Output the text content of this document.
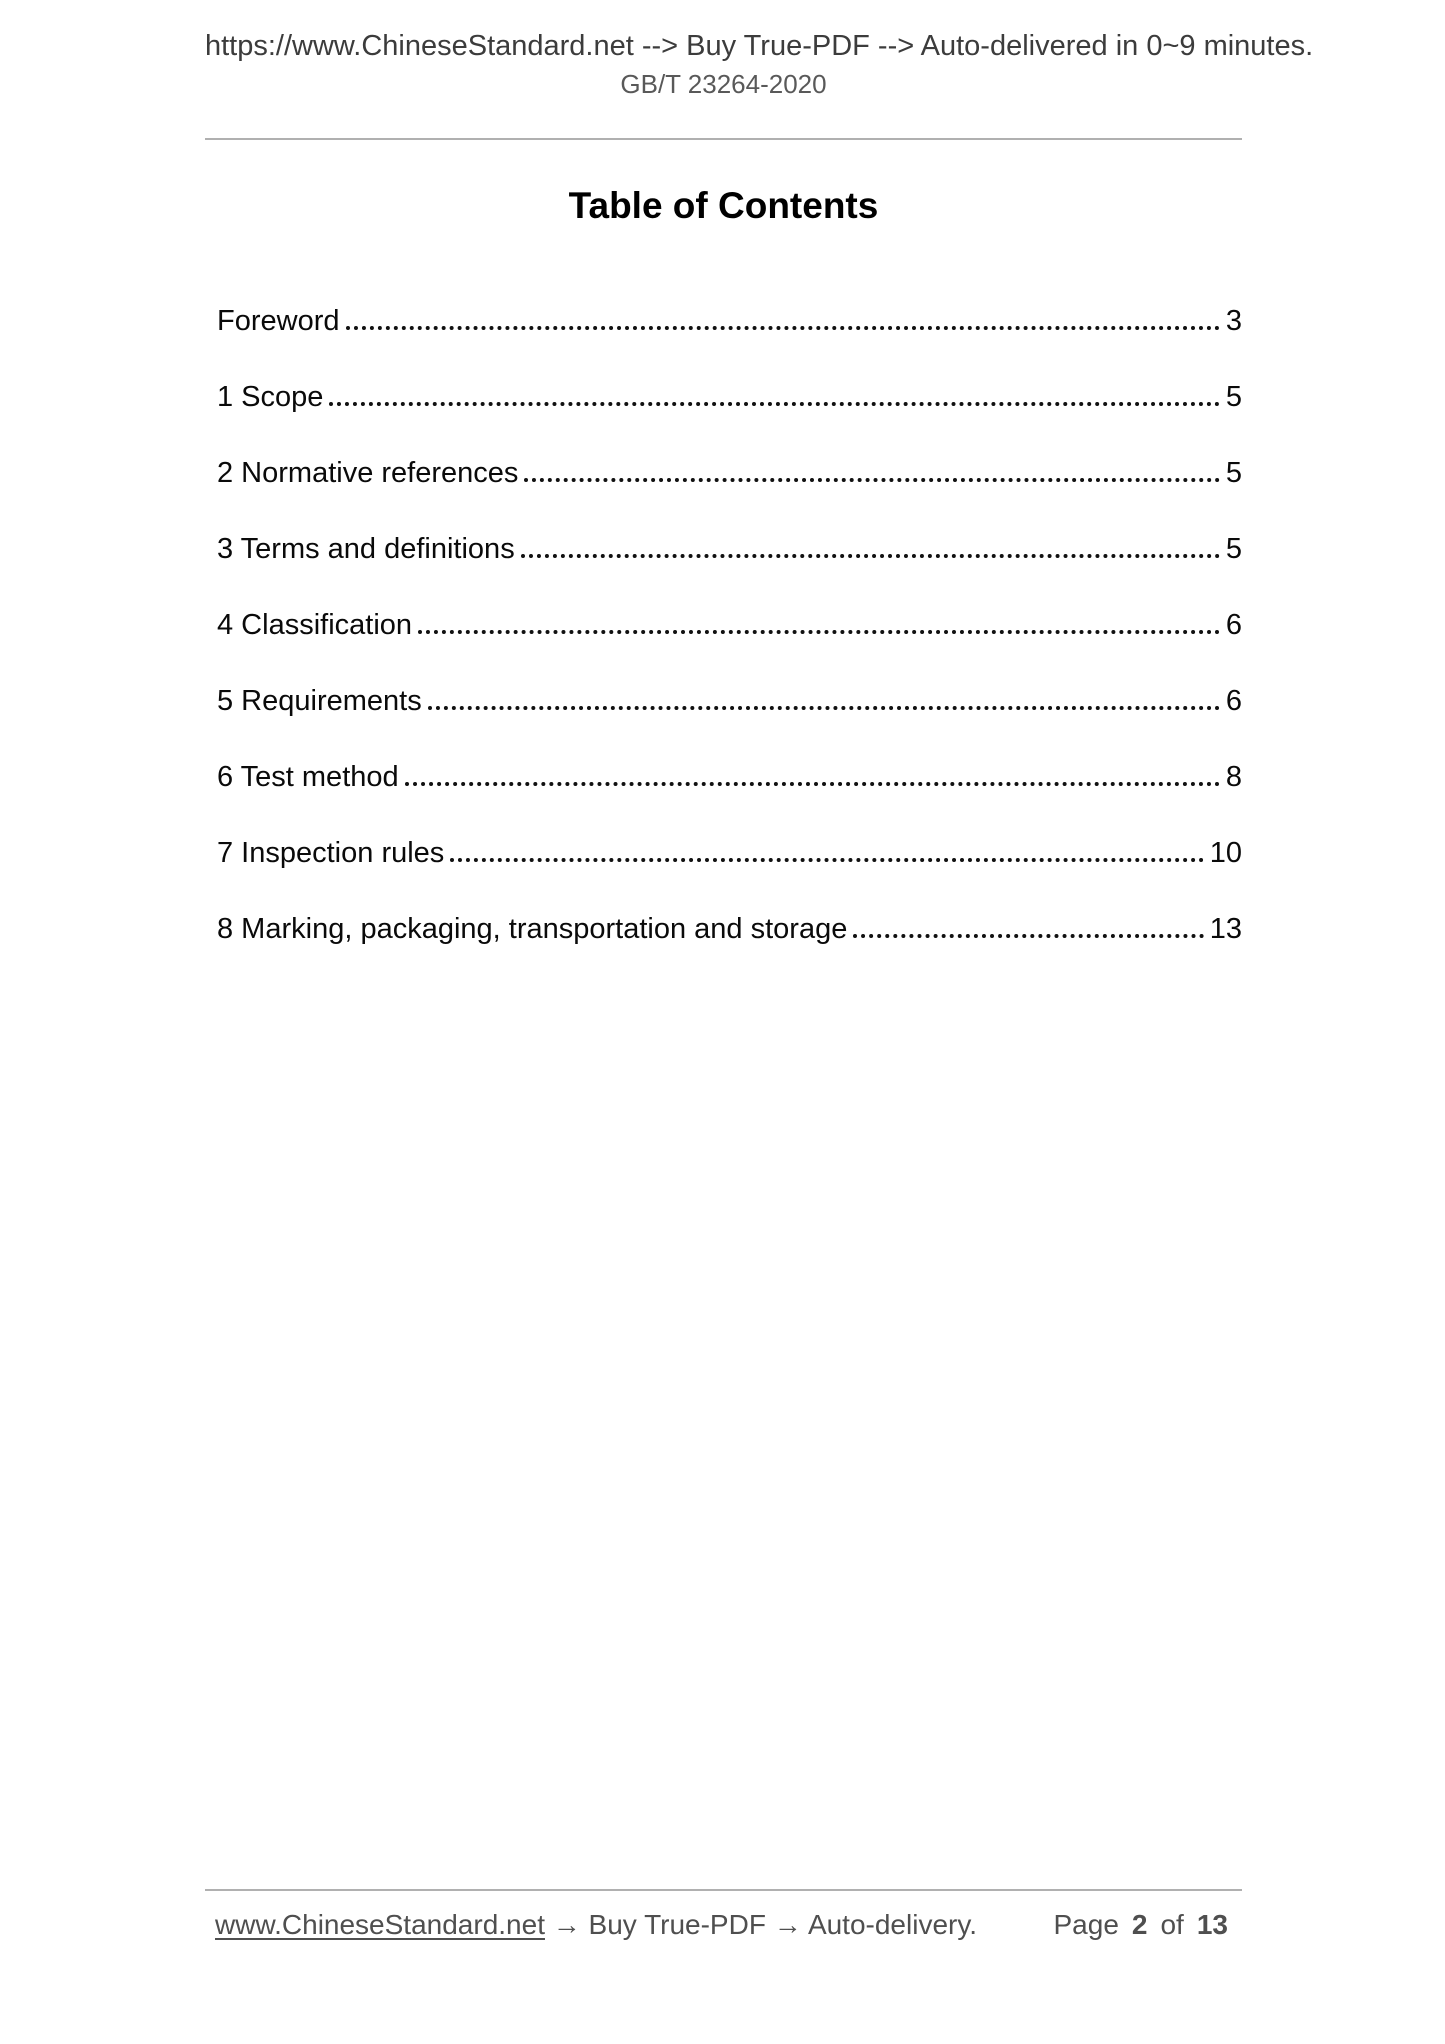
https://www.ChineseStandard.net --> Buy True-PDF --> Auto-delivered in 0~9 minutes.
GB/T 23264-2020
Table of Contents
Foreword	3
1 Scope	5
2 Normative references	5
3 Terms and definitions	5
4 Classification	6
5 Requirements	6
6 Test method	8
7 Inspection rules	10
8 Marking, packaging, transportation and storage	13
www.ChineseStandard.net → Buy True-PDF → Auto-delivery.	Page 2 of 13
